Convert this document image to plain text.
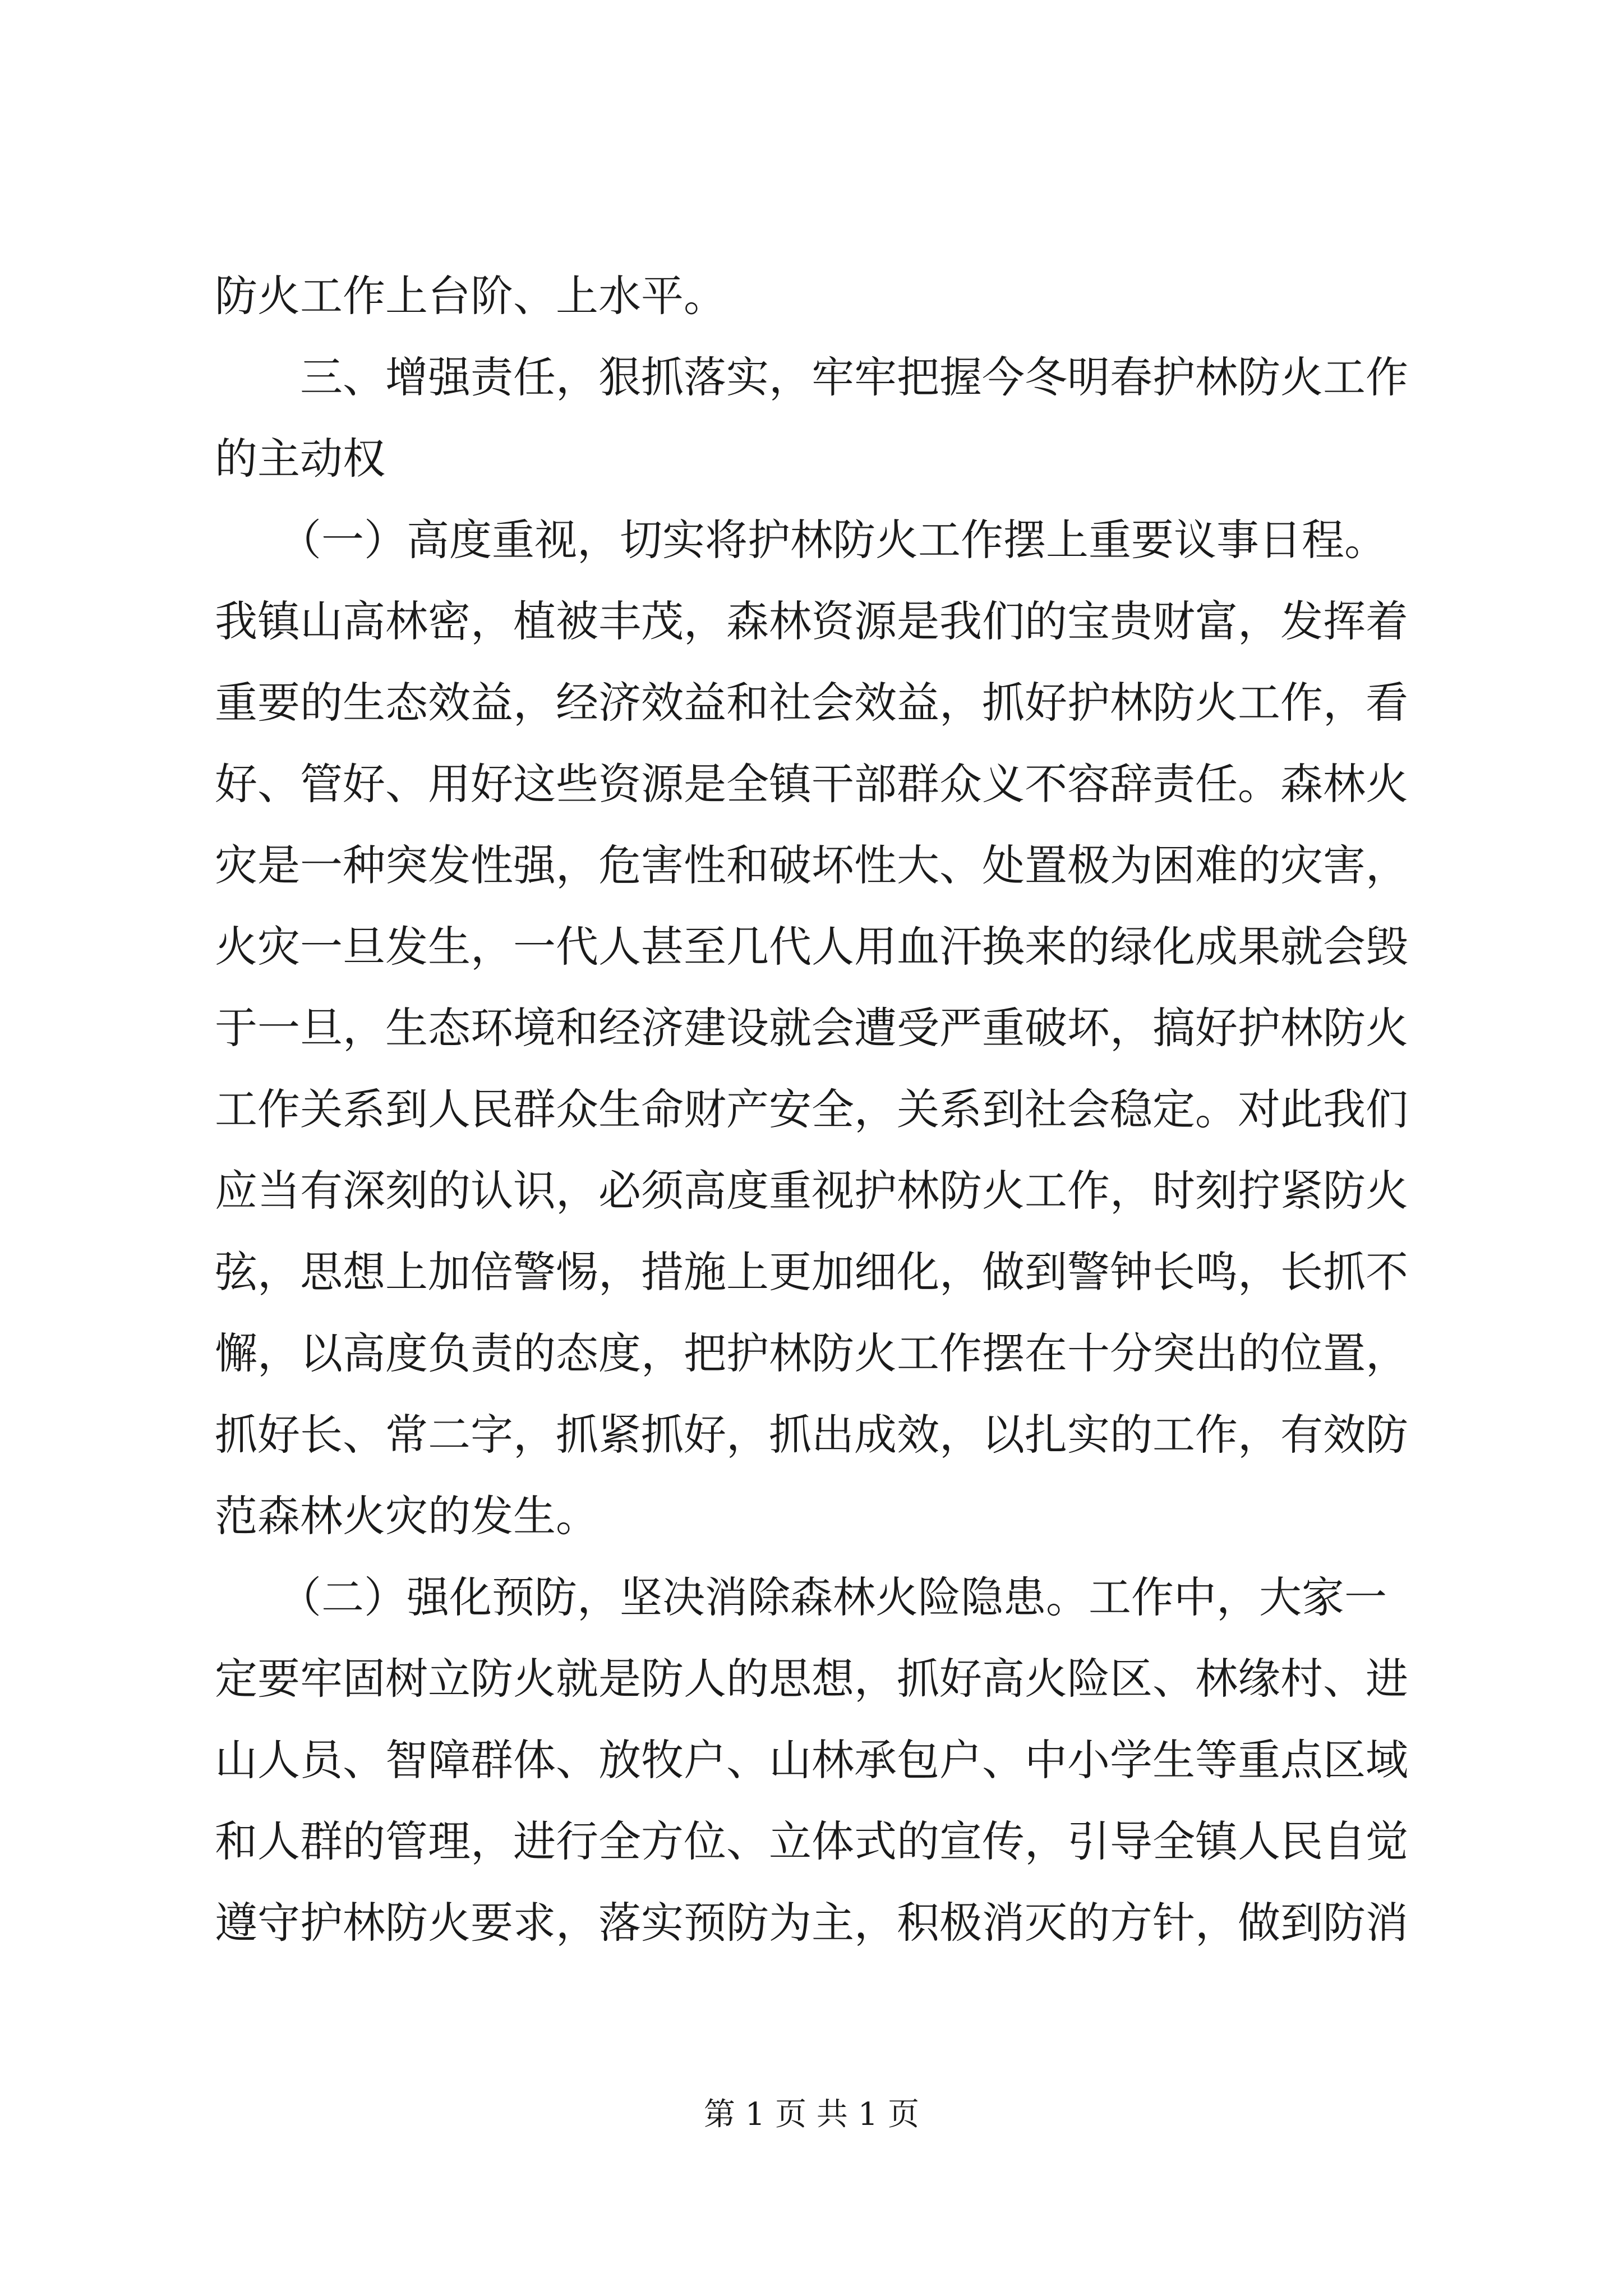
防火工作上台阶、上水平。
　　三、增强责任，狠抓落实，牢牢把握今冬明春护林防火工作
的主动权
　　（一）高度重视，切实将护林防火工作摆上重要议事日程。
我镇山高林密，植被丰茂，森林资源是我们的宝贵财富，发挥着
重要的生态效益，经济效益和社会效益，抓好护林防火工作，看
好、管好、用好这些资源是全镇干部群众义不容辞责任。森林火
灾是一种突发性强，危害性和破坏性大、处置极为困难的灾害，
火灾一旦发生，一代人甚至几代人用血汗换来的绿化成果就会毁
于一旦，生态环境和经济建设就会遭受严重破坏，搞好护林防火
工作关系到人民群众生命财产安全，关系到社会稳定。对此我们
应当有深刻的认识，必须高度重视护林防火工作，时刻拧紧防火
弦，思想上加倍警惕，措施上更加细化，做到警钟长鸣，长抓不
懈，以高度负责的态度，把护林防火工作摆在十分突出的位置，
抓好长、常二字，抓紧抓好，抓出成效，以扎实的工作，有效防
范森林火灾的发生。
　　（二）强化预防，坚决消除森林火险隐患。工作中，大家一
定要牢固树立防火就是防人的思想，抓好高火险区、林缘村、进
山人员、智障群体、放牧户、山林承包户、中小学生等重点区域
和人群的管理，进行全方位、立体式的宣传，引导全镇人民自觉
遵守护林防火要求，落实预防为主，积极消灭的方针，做到防消
第 1 页 共 1 页
